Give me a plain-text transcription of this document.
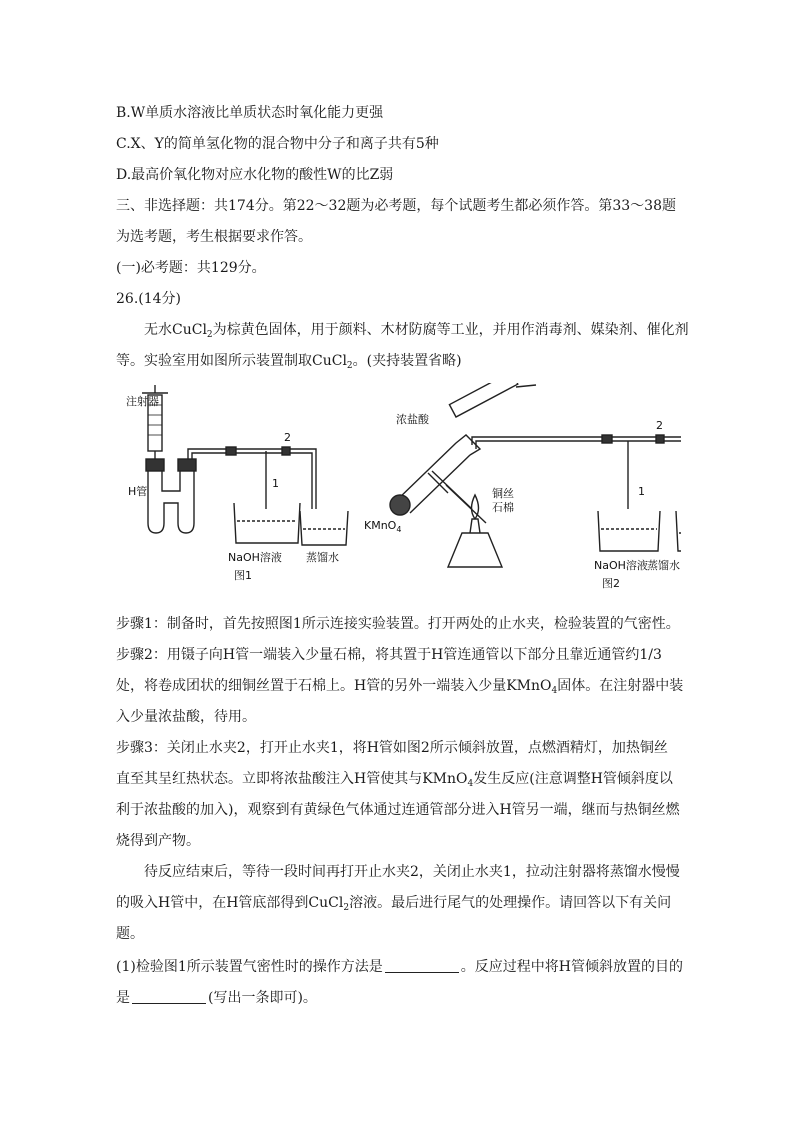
B.W单质水溶液比单质状态时氧化能力更强
C.X、Y的简单氢化物的混合物中分子和离子共有5种
D.最高价氧化物对应水化物的酸性W的比Z弱
三、非选择题：共174分。第22～32题为必考题，每个试题考生都必须作答。第33～38题
为选考题，考生根据要求作答。
(一)必考题：共129分。
26.(14分)
无水CuCl$_2$为棕黄色固体，用于颜料、木材防腐等工业，并用作消毒剂、媒染剂、催化剂
等。实验室用如图所示装置制取CuCl$_2$。(夹持装置省略)
注射器
H管
2
1
NaOH溶液 蒸馏水
图1
浓盐酸
KMnO$_4$
铜丝
石棉
2
1
NaOH溶液 蒸馏水
图2
步骤1：制备时，首先按照图1所示连接实验装置。打开两处的止水夹，检验装置的气密性。
步骤2：用镊子向H管一端装入少量石棉，将其置于H管连通管以下部分且靠近通管约1/3
处，将卷成团状的细铜丝置于石棉上。H管的另外一端装入少量KMnO$_4$固体。在注射器中装
入少量浓盐酸，待用。
步骤3：关闭止水夹2，打开止水夹1，将H管如图2所示倾斜放置，点燃酒精灯，加热铜丝
直至其呈红热状态。立即将浓盐酸注入H管使其与KMnO$_4$发生反应(注意调整H管倾斜度以
利于浓盐酸的加入)，观察到有黄绿色气体通过连通管部分进入H管另一端，继而与热铜丝燃
烧得到产物。
待反应结束后，等待一段时间再打开止水夹2，关闭止水夹1，拉动注射器将蒸馏水慢慢
的吸入H管中，在H管底部得到CuCl$_2$溶液。最后进行尾气的处理操作。请回答以下有关问
题。
(1)检验图1所示装置气密性时的操作方法是	。反应过程中将H管倾斜放置的目的
是	(写出一条即可)。
